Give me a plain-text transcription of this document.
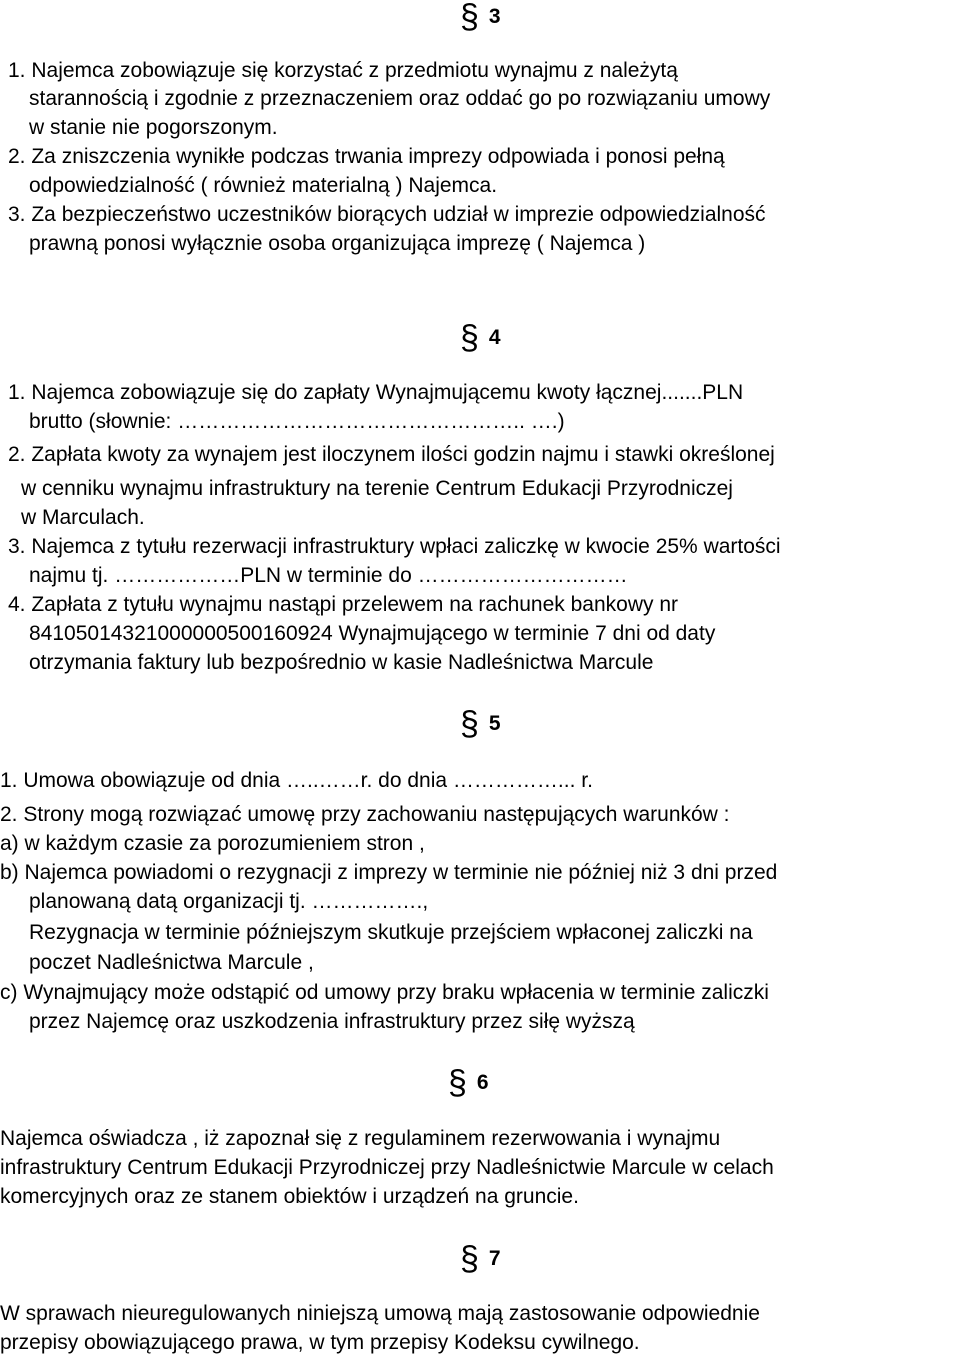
§ 3
1. Najemca zobowiązuje się korzystać z przedmiotu wynajmu z należytą
starannością i zgodnie z przeznaczeniem oraz oddać go po rozwiązaniu umowy
w stanie nie pogorszonym.
2. Za zniszczenia wynikłe podczas trwania imprezy odpowiada i ponosi pełną
odpowiedzialność ( również materialną ) Najemca.
3. Za bezpieczeństwo uczestników biorących udział w imprezie odpowiedzialność
prawną ponosi wyłącznie osoba organizująca imprezę ( Najemca )
§ 4
1. Najemca zobowiązuje się do zapłaty Wynajmującemu kwoty łącznej.......PLN
brutto (słownie: ………………………………………….. ….)
2. Zapłata kwoty za wynajem jest iloczynem ilości godzin najmu i stawki określonej
w cenniku wynajmu infrastruktury na terenie Centrum Edukacji Przyrodniczej
w Marculach.
3. Najemca z tytułu rezerwacji infrastruktury wpłaci zaliczkę w kwocie 25% wartości
najmu tj. ………………PLN w terminie do …………………………
4. Zapłata z tytułu wynajmu nastąpi przelewem na rachunek bankowy nr
84105014321000000500160924 Wynajmującego w terminie 7 dni od daty
otrzymania faktury lub bezpośrednio w kasie Nadleśnictwa Marcule
§ 5
1. Umowa obowiązuje od dnia …..……r. do dnia ……………... r.
2. Strony mogą rozwiązać umowę przy zachowaniu następujących warunków :
a) w każdym czasie za porozumieniem stron ,
b) Najemca powiadomi o rezygnacji z imprezy w terminie nie później niż 3 dni przed
planowaną datą organizacji tj. …………….,
Rezygnacja w terminie późniejszym skutkuje przejściem wpłaconej zaliczki na
poczet Nadleśnictwa Marcule ,
c) Wynajmujący może odstąpić od umowy przy braku wpłacenia w terminie zaliczki
przez Najemcę oraz uszkodzenia infrastruktury przez siłę wyższą
§ 6
Najemca oświadcza , iż zapoznał się z regulaminem rezerwowania i wynajmu
infrastruktury Centrum Edukacji Przyrodniczej przy Nadleśnictwie Marcule w celach
komercyjnych oraz ze stanem obiektów i urządzeń na gruncie.
§ 7
W sprawach nieuregulowanych niniejszą umową mają zastosowanie odpowiednie
przepisy obowiązującego prawa, w tym przepisy Kodeksu cywilnego.
